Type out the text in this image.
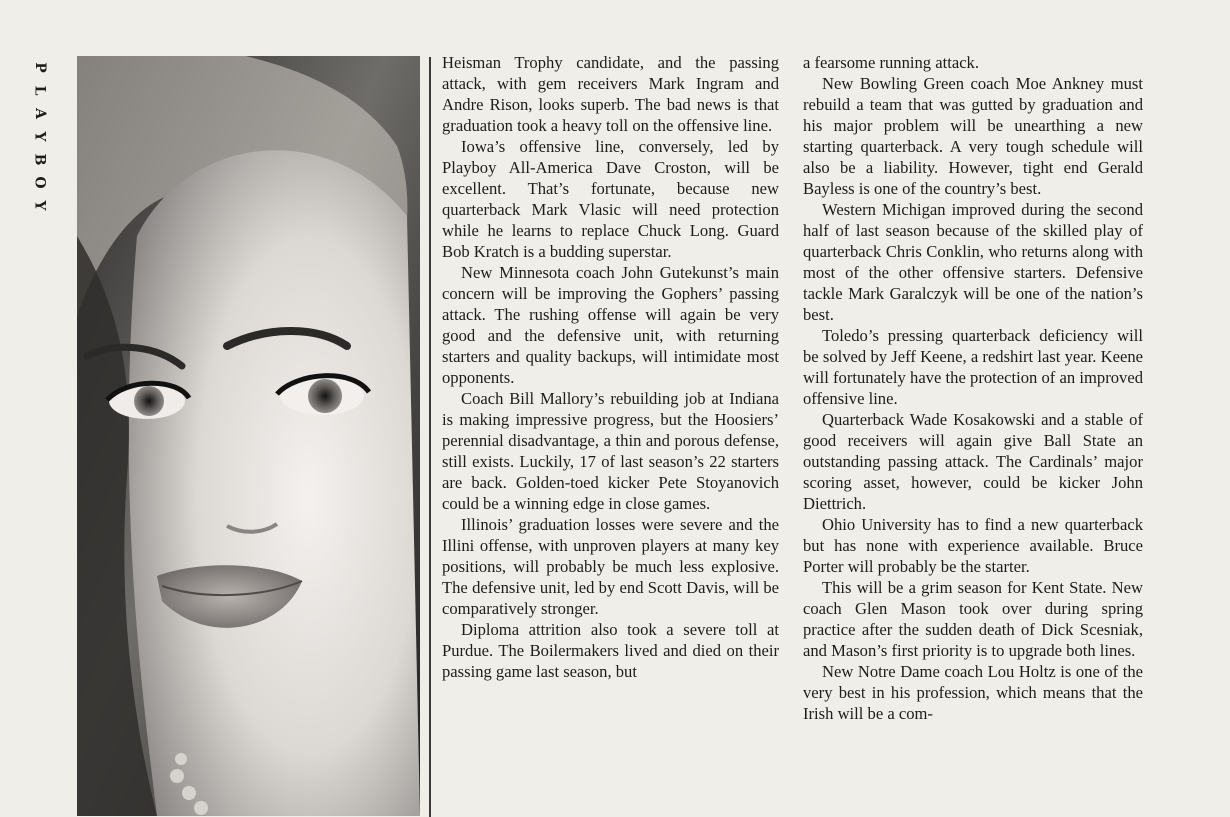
P
L
A
Y
B
O
Y

Heisman Trophy candidate, and the passing attack, with gem receivers Mark Ingram and Andre Rison, looks superb. The bad news is that graduation took a heavy toll on the offensive line.

Iowa’s offensive line, conversely, led by Playboy All-America Dave Croston, will be excellent. That’s fortunate, because new quarterback Mark Vlasic will need protection while he learns to replace Chuck Long. Guard Bob Kratch is a budding superstar.

New Minnesota coach John Gutekunst’s main concern will be improving the Gophers’ passing attack. The rushing offense will again be very good and the defensive unit, with returning starters and quality backups, will intimidate most opponents.

Coach Bill Mallory’s rebuilding job at Indiana is making impressive progress, but the Hoosiers’ perennial disadvantage, a thin and porous defense, still exists. Luckily, 17 of last season’s 22 starters are back. Golden-toed kicker Pete Stoyanovich could be a winning edge in close games.

Illinois’ graduation losses were severe and the Illini offense, with unproven players at many key positions, will probably be much less explosive. The defensive unit, led by end Scott Davis, will be comparatively stronger.

Diploma attrition also took a severe toll at Purdue. The Boilermakers lived and died on their passing game last season, but

a fearsome running attack.

New Bowling Green coach Moe Ankney must rebuild a team that was gutted by graduation and his major problem will be unearthing a new starting quarterback. A very tough schedule will also be a liability. However, tight end Gerald Bayless is one of the country’s best.

Western Michigan improved during the second half of last season because of the skilled play of quarterback Chris Conklin, who returns along with most of the other offensive starters. Defensive tackle Mark Garalczyk will be one of the nation’s best.

Toledo’s pressing quarterback deficiency will be solved by Jeff Keene, a redshirt last year. Keene will fortunately have the protection of an improved offensive line.

Quarterback Wade Kosakowski and a stable of good receivers will again give Ball State an outstanding passing attack. The Cardinals’ major scoring asset, however, could be kicker John Diettrich.

Ohio University has to find a new quarterback but has none with experience available. Bruce Porter will probably be the starter.

This will be a grim season for Kent State. New coach Glen Mason took over during spring practice after the sudden death of Dick Scesniak, and Mason’s first priority is to upgrade both lines.

New Notre Dame coach Lou Holtz is one of the very best in his profession, which means that the Irish will be a com-
